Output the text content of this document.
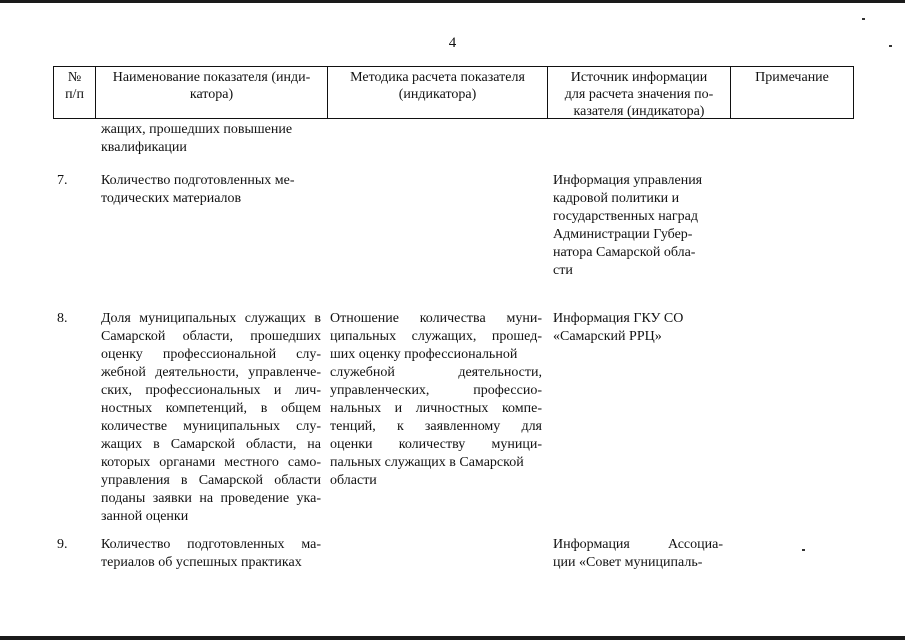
4
№
п/п
Наименование показателя (инди-
катора)
Методика расчета показателя
(индикатора)
Источник информации
для расчета значения по-
казателя (индикатора)
Примечание
жащих, прошедших повышение
квалификации
7. Количество подготовленных ме-
тодических материалов
Информация управления
кадровой политики и
государственных наград
Администрации Губер-
натора Самарской обла-
сти
8. Доля муниципальных служащих в
Самарской области, прошедших
оценку профессиональной слу-
жебной деятельности, управленче-
ских, профессиональных и лич-
ностных компетенций, в общем
количестве муниципальных слу-
жащих в Самарской области, на
которых органами местного само-
управления в Самарской области
поданы заявки на проведение ука-
занной оценки
Отношение количества муни-
ципальных служащих, прошед-
ших оценку профессиональной
служебной деятельности,
управленческих, профессио-
нальных и личностных компе-
тенций, к заявленному для
оценки количеству муници-
пальных служащих в Самарской
области
Информация ГКУ СО
«Самарский РРЦ»
9. Количество подготовленных ма-
териалов об успешных практиках
Информация Ассоциа-
ции «Совет муниципаль-
